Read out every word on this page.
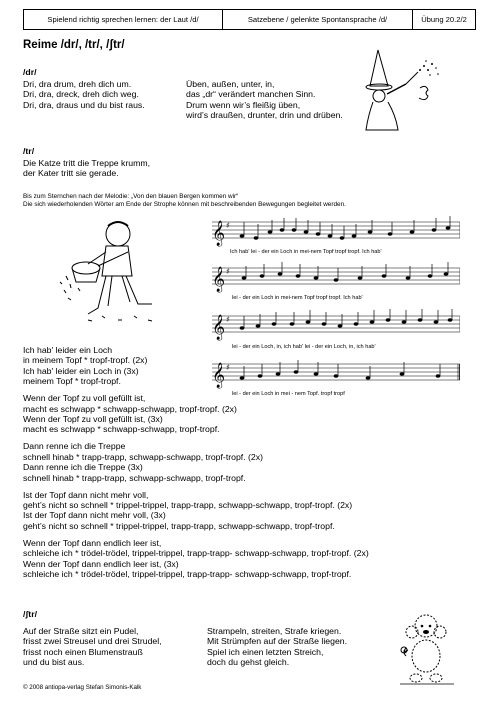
Spielend richtig sprechen lernen: der Laut /d/	Satzebene / gelenkte Spontansprache /d/	Übung 20.2/2
Reime /dr/, /tr/, /ʃtr/
/dr/
Dri, dra drum, dreh dich um.
Dri, dra, dreck, dreh dich weg.
Dri, dra, draus und du bist raus.
Üben, außen, unter, in,
das „dr“ verändert manchen Sinn.
Drum wenn wir’s fleißig üben,
wird’s draußen, drunter, drin und drüben.
/tr/
Die Katze tritt die Treppe krumm,
der Kater tritt sie gerade.
Bis zum Sternchen nach der Melodie: „Von den blauen Bergen kommen wir“
Die sich wiederholenden Wörter am Ende der Strophe können mit beschreibenden Bewegungen begleitet werden.
𝄞 ♯
Ich hab' lei - der ein Loch in mei-nem Topf tropf tropf. Ich hab'
𝄞 ♯
lei - der ein Loch in mei-nem Topf tropf tropf. Ich hab'
𝄞 ♯
lei - der ein Loch, in, ich hab' lei - der ein Loch, in, ich hab'
𝄞 ♯
lei - der ein Loch in mei - nem Topf. tropf tropf
Ich hab' leider ein Loch
in meinem Topf * tropf-tropf. (2x)
Ich hab' leider ein Loch in (3x)
meinem Topf * tropf-tropf.
Wenn der Topf zu voll gefüllt ist,
macht es schwapp * schwapp-schwapp, tropf-tropf. (2x)
Wenn der Topf zu voll gefüllt ist, (3x)
macht es schwapp * schwapp-schwapp, tropf-tropf.
Dann renne ich die Treppe
schnell hinab * trapp-trapp, schwapp-schwapp, tropf-tropf. (2x)
Dann renne ich die Treppe (3x)
schnell hinab * trapp-trapp, schwapp-schwapp, tropf-tropf.
Ist der Topf dann nicht mehr voll,
geht’s nicht so schnell * trippel-trippel, trapp-trapp, schwapp-schwapp, tropf-tropf. (2x)
Ist der Topf dann nicht mehr voll, (3x)
geht’s nicht so schnell * trippel-trippel, trapp-trapp, schwapp-schwapp, tropf-tropf.
Wenn der Topf dann endlich leer ist,
schleiche ich * trödel-trödel, trippel-trippel, trapp-trapp- schwapp-schwapp, tropf-tropf. (2x)
Wenn der Topf dann endlich leer ist, (3x)
schleiche ich * trödel-trödel, trippel-trippel, trapp-trapp- schwapp-schwapp, tropf-tropf.
/ʃtr/
Auf der Straße sitzt ein Pudel,
frisst zwei Streusel und drei Strudel,
frisst noch einen Blumenstrauß
und du bist aus.
Strampeln, streiten, Strafe kriegen.
Mit Strümpfen auf der Straße liegen.
Spiel ich einen letzten Streich,
doch du gehst gleich.
© 2008 antiopa-verlag Stefan Simonis-Kalk
